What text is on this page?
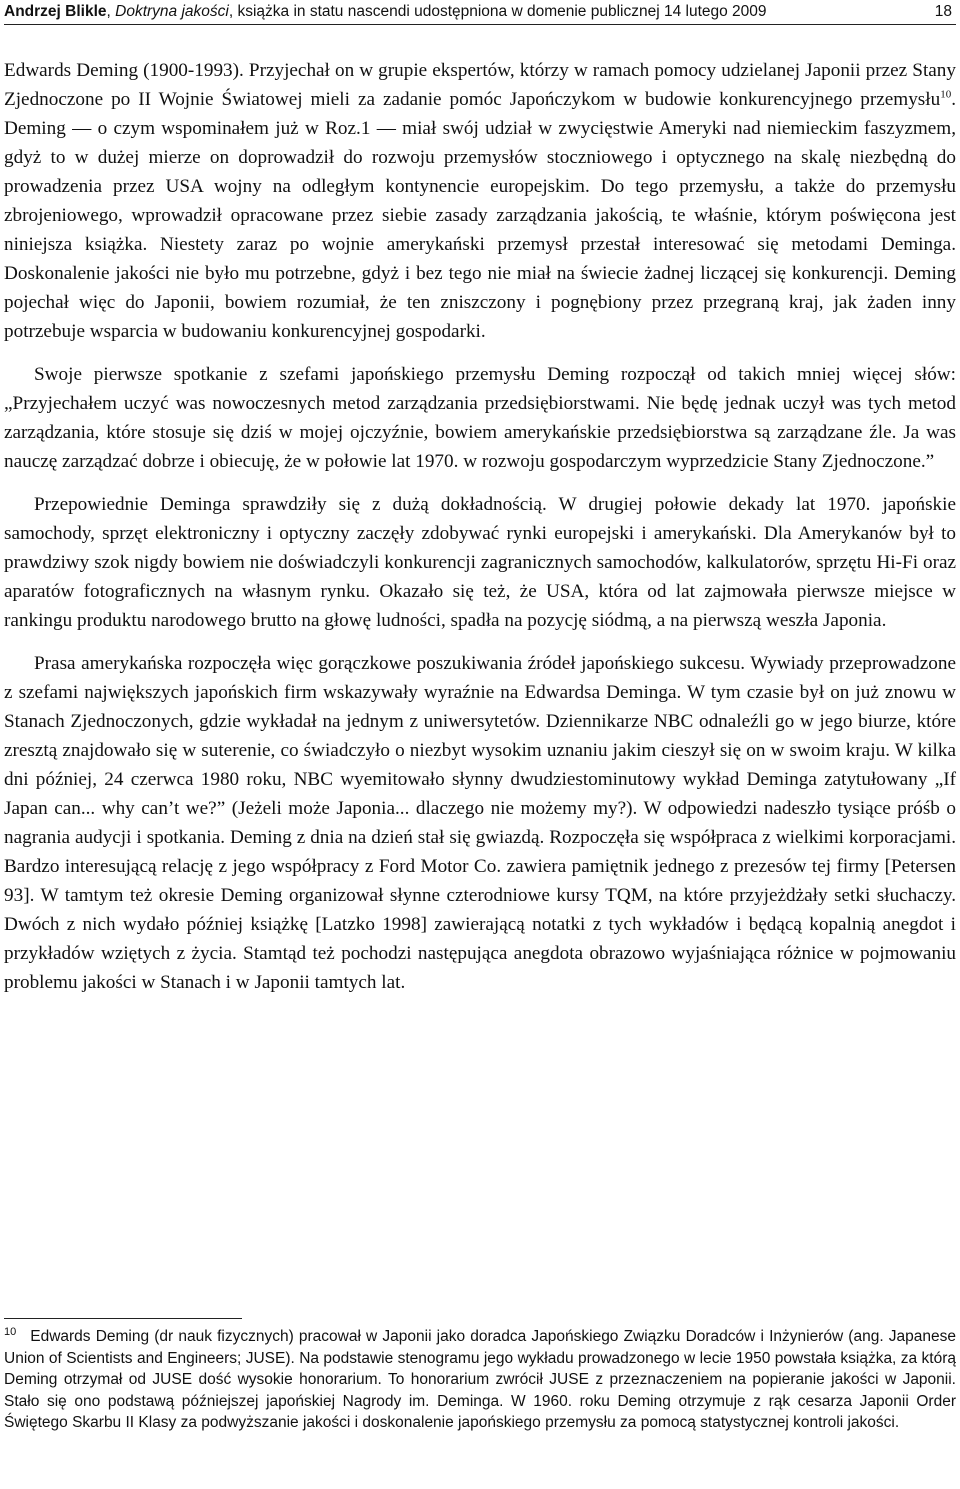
Andrzej Blikle, Doktryna jakości, książka in statu nascendi udostępniona w domenie publicznej 14 lutego 2009	18

Edwards Deming (1900-1993). Przyjechał on w grupie ekspertów, którzy w ramach pomocy udzielanej Japonii przez Stany Zjednoczone po II Wojnie Światowej mieli za zadanie pomóc Japończykom w budowie konkurencyjnego przemysłu$^{10}$. Deming ― o czym wspominałem już w Roz.1 ― miał swój udział w zwycięstwie Ameryki nad niemieckim faszyzmem, gdyż to w dużej mierze on doprowadził do rozwoju przemysłów stoczniowego i optycznego na skalę niezbędną do prowadzenia przez USA wojny na odległym kontynencie europejskim. Do tego przemysłu, a także do przemysłu zbrojeniowego, wprowadził opracowane przez siebie zasady zarządzania jakością, te właśnie, którym poświęcona jest niniejsza książka. Niestety zaraz po wojnie amerykański przemysł przestał interesować się metodami Deminga. Doskonalenie jakości nie było mu potrzebne, gdyż i bez tego nie miał na świecie żadnej liczącej się konkurencji. Deming pojechał więc do Japonii, bowiem rozumiał, że ten zniszczony i pognębiony przez przegraną kraj, jak żaden inny potrzebuje wsparcia w budowaniu konkurencyjnej gospodarki.

Swoje pierwsze spotkanie z szefami japońskiego przemysłu Deming rozpoczął od takich mniej więcej słów: „Przyjechałem uczyć was nowoczesnych metod zarządzania przedsiębiorstwami. Nie będę jednak uczył was tych metod zarządzania, które stosuje się dziś w mojej ojczyźnie, bowiem amerykańskie przedsiębiorstwa są zarządzane źle. Ja was nauczę zarządzać dobrze i obiecuję, że w połowie lat 1970. w rozwoju gospodarczym wyprzedzicie Stany Zjednoczone.”

Przepowiednie Deminga sprawdziły się z dużą dokładnością. W drugiej połowie dekady lat 1970. japońskie samochody, sprzęt elektroniczny i optyczny zaczęły zdobywać rynki europejski i amerykański. Dla Amerykanów był to prawdziwy szok nigdy bowiem nie doświadczyli konkurencji zagranicznych samochodów, kalkulatorów, sprzętu Hi-Fi oraz aparatów fotograficznych na własnym rynku. Okazało się też, że USA, która od lat zajmowała pierwsze miejsce w rankingu produktu narodowego brutto na głowę ludności, spadła na pozycję siódmą, a na pierwszą weszła Japonia.

Prasa amerykańska rozpoczęła więc gorączkowe poszukiwania źródeł japońskiego sukcesu. Wywiady przeprowadzone z szefami największych japońskich firm wskazywały wyraźnie na Edwardsa Deminga. W tym czasie był on już znowu w Stanach Zjednoczonych, gdzie wykładał na jednym z uniwersytetów. Dziennikarze NBC odnaleźli go w jego biurze, które zresztą znajdowało się w suterenie, co świadczyło o niezbyt wysokim uznaniu jakim cieszył się on w swoim kraju. W kilka dni później, 24 czerwca 1980 roku, NBC wyemitowało słynny dwudziestominutowy wykład Deminga zatytułowany „If Japan can... why can’t we?” (Jeżeli może Japonia... dlaczego nie możemy my?). W odpowiedzi nadeszło tysiące próśb o nagrania audycji i spotkania. Deming z dnia na dzień stał się gwiazdą. Rozpoczęła się współpraca z wielkimi korporacjami. Bardzo interesującą relację z jego współpracy z Ford Motor Co. zawiera pamiętnik jednego z prezesów tej firmy [Petersen 93]. W tamtym też okresie Deming organizował słynne czterodniowe kursy TQM, na które przyjeżdżały setki słuchaczy. Dwóch z nich wydało później książkę [Latzko 1998] zawierającą notatki z tych wykładów i będącą kopalnią anegdot i przykładów wziętych z życia. Stamtąd też pochodzi następująca anegdota obrazowo wyjaśniająca różnice w pojmowaniu problemu jakości w Stanach i w Japonii tamtych lat.

$^{10}$ Edwards Deming (dr nauk fizycznych) pracował w Japonii jako doradca Japońskiego Związku Doradców i Inżynierów (ang. Japanese Union of Scientists and Engineers; JUSE). Na podstawie stenogramu jego wykładu prowadzonego w lecie 1950 powstała książka, za którą Deming otrzymał od JUSE dość wysokie honorarium. To honorarium zwrócił JUSE z przeznaczeniem na popieranie jakości w Japonii. Stało się ono podstawą późniejszej japońskiej Nagrody im. Deminga. W 1960. roku Deming otrzymuje z rąk cesarza Japonii Order Świętego Skarbu II Klasy za podwyższanie jakości i doskonalenie japońskiego przemysłu za pomocą statystycznej kontroli jakości.
